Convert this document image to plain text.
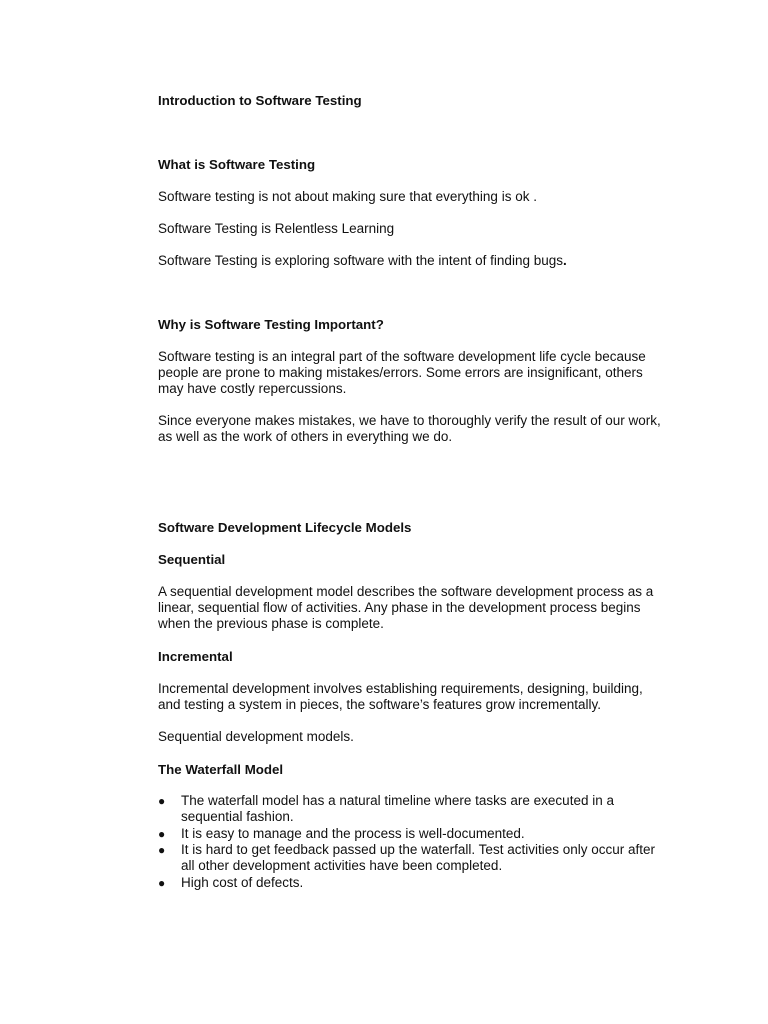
Introduction to Software Testing

What is Software Testing

Software testing is not about making sure that everything is ok .

Software Testing is Relentless Learning

Software Testing is exploring software with the intent of finding bugs.

Why is Software Testing Important?

Software testing is an integral part of the software development life cycle because

people are prone to making mistakes/errors. Some errors are insignificant, others

may have costly repercussions.

Since everyone makes mistakes, we have to thoroughly verify the result of our work,

as well as the work of others in everything we do.

Software Development Lifecycle Models

Sequential

A sequential development model describes the software development process as a

linear, sequential flow of activities. Any phase in the development process begins

when the previous phase is complete.

Incremental

Incremental development involves establishing requirements, designing, building,

and testing a system in pieces, the software’s features grow incrementally.

Sequential development models.

The Waterfall Model

● The waterfall model has a natural timeline where tasks are executed in a
sequential fashion.
● It is easy to manage and the process is well-documented.
● It is hard to get feedback passed up the waterfall. Test activities only occur after
all other development activities have been completed.
● High cost of defects.
